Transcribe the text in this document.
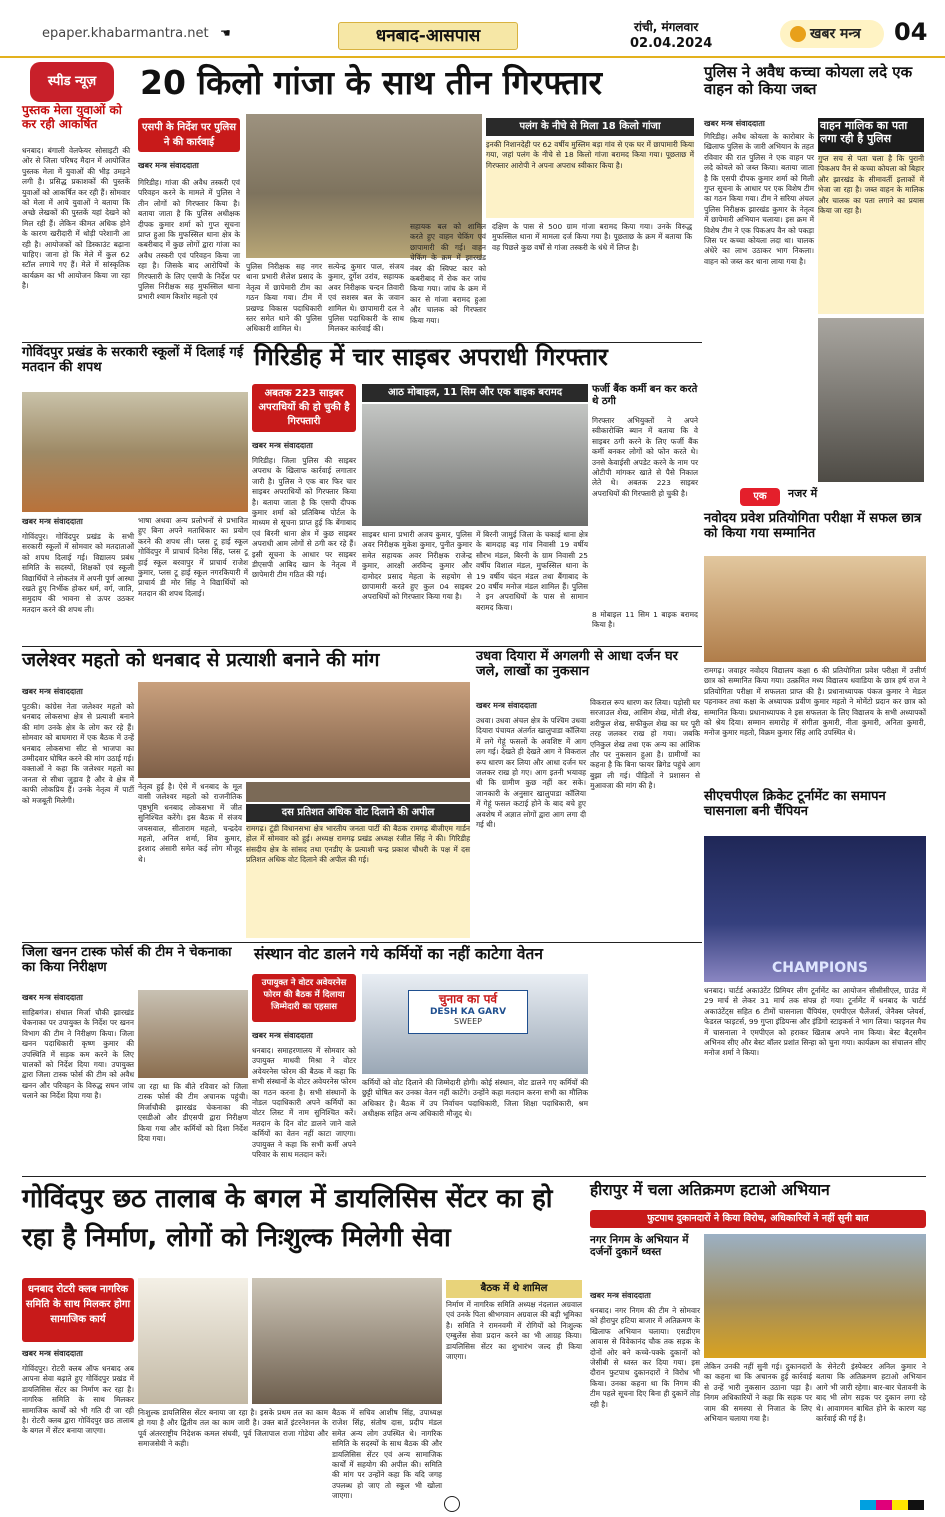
epaper.khabarmantra.net ☚	धनबाद-आसपास	रांची, मंगलवार
02.04.2024
खबर मन्त्र	04
स्पीड न्यूज़
पुस्तक मेला युवाओं को कर रही आकर्षित
धनबाद। बंगाली वेलफेयर सोसाइटी की ओर से जिला परिषद मैदान में आयोजित पुस्तक मेला में युवाओं की भीड़ उमड़ने लगी है। प्रसिद्ध प्रकाशकों की पुस्तकें युवाओं को आकर्षित कर रही हैं। सोमवार को मेला में आये युवाओं ने बताया कि अच्छे लेखकों की पुस्तकें यहां देखने को मिल रही हैं। लेकिन कीमत अधिक होने के कारण खरीदारी में थोड़ी परेशानी आ रही है। आयोजकों को डिस्काउंट बढ़ाना चाहिए। जाना हो कि मेले में कुल 62 स्टॉल लगाये गए हैं। मेले में सांस्कृतिक कार्यक्रम का भी आयोजन किया जा रहा है।
20 किलो गांजा के साथ तीन गिरफ्तार
एसपी के निर्देश पर पुलिस ने की कार्रवाई
खबर मन्त्र संवाददाता
गिरिडीह। गांजा की अवैध तस्करी एवं परिवहन करने के मामले में पुलिस ने तीन लोगों को गिरफ्तार किया है। बताया जाता है कि पुलिस अधीक्षक दीपक कुमार शर्मा को गुप्त सूचना प्राप्त हुआ कि मुफस्सिल थाना क्षेत्र के कबरीबाद में कुछ लोगों द्वारा गांजा का अवैध तस्करी एवं परिवहन किया जा रहा है। जिसके बाद आरोपियों के गिरफ्तारी के लिए एसपी के निर्देश पर पुलिस निरीक्षक सह मुफस्सिल थाना प्रभारी श्याम किशोर महतो एवं
पुलिस निरीक्षक सह नगर थाना प्रभारी शैलेश प्रसाद के नेतृत्व में छापेमारी टीम का गठन किया गया। टीम में प्रखण्ड विकास पदाधिकारी स्तर समेत थाने की पुलिस अधिकारी शामिल थे।
सत्येन्द्र कुमार पाल, संजय कुमार, दुर्गेश उरांव, सहायक अवर निरीक्षक चन्दन तिवारी एवं सशस्त्र बल के जवान शामिल थे। छापामारी दल ने पुलिस पदाधिकारी के साथ मिलकर कार्रवाई की।
सहायक बल को शामिल करते हुए वाहन चेकिंग एवं छापामारी की गई। वाहन चेकिंग के क्रम में झारखंड नंबर की स्विफ्ट कार को कबरीबाद में रोक कर जांच किया गया। जांच के क्रम में कार से गांजा बरामद हुआ और चालक को गिरफ्तार किया गया।
पलंग के नीचे से मिला 18 किलो गांजा
इनकी निशानदेही पर 62 वर्षीय मुस्लिम बड़ा गांव से एक घर में छापामारी किया गया, जहां पलंग के नीचे से 18 किलो गांजा बरामद किया गया। पूछताछ में गिरफ्तार आरोपी ने अपना अपराध स्वीकार किया है।
दक्षिण के पास से 500 ग्राम गांजा बरामद किया गया। उनके विरुद्ध मुफस्सिल थाना में मामला दर्ज किया गया है। पूछताछ के क्रम में बताया कि वह पिछले कुछ वर्षों से गांजा तस्करी के धंधे में लिप्त है।
पुलिस ने अवैध कच्चा कोयला लदे एक वाहन को किया जब्त
खबर मन्त्र संवाददाता
गिरिडीह। अवैध कोयला के कारोबार के खिलाफ पुलिस के जारी अभियान के तहत रविवार की रात पुलिस ने एक वाहन पर लदे कोयले को जब्त किया। बताया जाता है कि एसपी दीपक कुमार शर्मा को मिली गुप्त सूचना के आधार पर एक विशेष टीम का गठन किया गया। टीम ने सरिया अंचल पुलिस निरीक्षक झारखंड कुमार के नेतृत्व में छापेमारी अभियान चलाया। इस क्रम में विशेष टीम ने एक पिकअप वैन को पकड़ा जिस पर कच्चा कोयला लदा था। चालक अंधेरे का लाभ उठाकर भाग निकला। वाहन को जब्त कर थाना लाया गया है।
वाहन मालिक का पता लगा रही है पुलिस
गुप्त सच से पता चला है कि पुरानी पिकअप वैन से कच्चा कोयला को बिहार और झारखंड के सीमावर्ती इलाकों में भेजा जा रहा है। जब्त वाहन के मालिक और चालक का पता लगाने का प्रयास किया जा रहा है।
गोविंदपुर प्रखंड के सरकारी स्कूलों में दिलाई गई मतदान की शपथ
खबर मन्त्र संवाददाता
गोविंदपुर। गोविंदपुर प्रखंड के सभी सरकारी स्कूलों में सोमवार को मतदाताओं को शपथ दिलाई गई। विद्यालय प्रबंध समिति के सदस्यों, शिक्षकों एवं स्कूली विद्यार्थियों ने लोकतंत्र में अपनी पूर्ण आस्था रखते हुए निर्भीक होकर धर्म, वर्ग, जाति, समुदाय की भावना से ऊपर उठकर मतदान करने की शपथ ली।
भाषा अथवा अन्य प्रलोभनों से प्रभावित हुए बिना अपने मताधिकार का प्रयोग करने की शपथ ली। प्लस टू हाई स्कूल गोविंदपुर में प्राचार्य दिनेश सिंह, प्लस टू हाई स्कूल बरवापुर में प्राचार्य राजेश कुमार, प्लस टू हाई स्कूल नगरकियारी में प्राचार्य डी मोर सिंह ने विद्यार्थियों को मतदान की शपथ दिलाई।
गिरिडीह में चार साइबर अपराधी गिरफ्तार
अबतक 223 साइबर अपराधियों की हो चुकी है गिरफ्तारी
खबर मन्त्र संवाददाता
गिरिडीह। जिला पुलिस की साइबर अपराध के खिलाफ कार्रवाई लगातार जारी है। पुलिस ने एक बार फिर चार साइबर अपराधियों को गिरफ्तार किया है। बताया जाता है कि एसपी दीपक कुमार शर्मा को प्रतिबिम्ब पोर्टल के माध्यम से सूचना प्राप्त हुई कि बेंगाबाद एवं बिरनी थाना क्षेत्र में कुछ साइबर अपराधी आम लोगों से ठगी कर रहे हैं। इसी सूचना के आधार पर साइबर डीएसपी आबिद खान के नेतृत्व में छापेमारी टीम गठित की गई।
आठ मोबाइल, 11 सिम और एक बाइक बरामद
साइबर थाना प्रभारी अजय कुमार, पुलिस अवर निरीक्षक मुकेश कुमार, पुनीत कुमार समेत सहायक अवर निरीक्षक राजेन्द्र कुमार, आरक्षी अरविन्द कुमार और दामोदर प्रसाद मेहता के सहयोग से छापामारी करते हुए कुल 04 साइबर अपराधियों को गिरफ्तार किया गया है।
में बिरनी जामुई जिला के चकाई थाना क्षेत्र के बामदाह बड़ गांव निवासी 19 वर्षीय सौरभ मंडल, बिरनी के ग्राम निवासी 25 वर्षीय विशाल मंडल, मुफस्सिल थाना के 19 वर्षीय चंदन मंडल तथा बैंगाबाद के 20 वर्षीय मनोज मंडल शामिल हैं। पुलिस ने इन अपराधियों के पास से सामान बरामद किया।
फर्जी बैंक कर्मी बन कर करते थे ठगी
गिरफ्तार अभियुक्तों ने अपने स्वीकारोक्ति ब्यान में बताया कि वे साइबर ठगी करने के लिए फर्जी बैंक कर्मी बनकर लोगों को फोन करते थे। उनसे केवाईसी अपडेट करने के नाम पर ओटीपी मांगकर खाते से पैसे निकाल लेते थे। अबतक 223 साइबर अपराधियों की गिरफ्तारी हो चुकी है।
8 मोबाइल 11 सिम 1 बाइक बरामद किया है।
एक	नजर में
नवोदय प्रवेश प्रतियोगिता परीक्षा में सफल छात्र को किया गया सम्मानित
रामगढ़। जवाहर नवोदय विद्यालय कक्षा 6 की प्रतियोगिता प्रवेश परीक्षा में उत्तीर्ण छात्र को सम्मानित किया गया। उत्क्रमित मध्य विद्यालय धवाडिया के छात्र हर्ष राज ने प्रतियोगिता परीक्षा में सफलता प्राप्त की है। प्रधानाध्यापक पंकज कुमार ने मेडल पहनाकर तथा कक्षा के अध्यापक प्रवीण कुमार महतो ने मोमेंटो प्रदान कर छात्र को सम्मानित किया। प्रधानाध्यापक ने इस सफलता के लिए विद्यालय के सभी अध्यापकों को श्रेय दिया। सम्मान समारोह में संगीता कुमारी, नीता कुमारी, अनिता कुमारी, मनोज कुमार महतो, विक्रम कुमार सिंह आदि उपस्थित थे।
सीएचपीएल क्रिकेट टूर्नामेंट का समापन चासनाला बनी चैंपियन
CHAMPIONS
धनबाद। चार्टर्ड अकाउंटेंट प्रिमियर लीग टूर्नामेंट का आयोजन सीसीसीएल, ग्राउंड में 29 मार्च से लेकर 31 मार्च तक संपन्न हो गया। टूर्नामेंट में धनबाद के चार्टर्ड अकाउंटेंट्स सहित 6 टीमों चासनाला चैंपियंस, एमपीएल चैलेंजर्स, जेनैक्स प्लेयर्स, फेडरल फाइटर्स, 99 गुप्ता इंडियन्स और इंडिगो स्टाइकर्स ने भाग लिया। फाइनल मैच में चासनाला ने एमपीएल को हराकर खिताब अपने नाम किया। बेस्ट बैट्समैन अभिनव सीए और बेस्ट बॉलर प्रशांत सिन्हा को चुना गया। कार्यक्रम का संचालन सीए मनोज शर्मा ने किया।
जलेश्वर महतो को धनबाद से प्रत्याशी बनाने की मांग
खबर मन्त्र संवाददाता
पुटकी। कांग्रेस नेता जलेश्वर महतो को धनबाद लोकसभा क्षेत्र से प्रत्याशी बनाने की मांग उनके क्षेत्र के लोग कर रहे हैं। सोमवार को बाघमारा में एक बैठक में उन्हें धनबाद लोकसभा सीट से भाजपा का उम्मीदवार घोषित करने की मांग उठाई गई। वक्ताओं ने कहा कि जलेश्वर महतो का जनता से सीधा जुड़ाव है और वे क्षेत्र में काफी लोकप्रिय हैं। उनके नेतृत्व में पार्टी को मजबूती मिलेगी।
नेतृत्व हुई है। ऐसे में धनबाद के मूल वासी जलेश्वर महतो को राजनीतिक पृष्ठभूमि धनबाद लोकसभा में जीत सुनिश्चित करेंगे। इस बैठक में संजय जयसवाल, सीताराम महतो, चन्द्रदेव महतो, अनिल शर्मा, शिव कुमार, इरशाद अंसारी समेत कई लोग मौजूद थे।
दस प्रतिशत अधिक वोट दिलाने की अपील
रामगढ़। टूंडी विधानसभा क्षेत्र भारतीय जनता पार्टी की बैठक रामगढ़ बीजीएम गार्डन होल में सोमवार को हुई। अध्यक्ष रामगढ़ प्रखंड अध्यक्ष रंजीत सिंह ने की। गिरिडीह संसदीय क्षेत्र के सांसद तथा एनडीए के प्रत्याशी चन्द्र प्रकाश चौधरी के पक्ष में दस प्रतिशत अधिक वोट दिलाने की अपील की गई।
उधवा दियारा में अगलगी से आधा दर्जन घर जले, लाखों का नुकसान
खबर मन्त्र संवाददाता
उधवा। उधवा अंचल क्षेत्र के पश्चिम उधवा दियारा पंचायत अंतर्गत खालुपाडा कॉलिया में लगे गेहूं फसलों के अवशिष्ट में आग लग गई। देखते ही देखते आग ने विकराल रूप धारण कर लिया और आधा दर्जन घर जलकर राख हो गए। आग इतनी भयावह थी कि ग्रामीण कुछ नहीं कर सके। जानकारी के अनुसार खालुपाडा कॉलिया में गेहूं फसल कटाई होने के बाद बचे हुए अवशेष में अज्ञात लोगों द्वारा आग लगा दी गई थी।
विकराल रूप धारण कर लिया। पड़ोसी घर सरजाउल शेख, आसिम शेख, मोती शेख, शरीफुल शेख, सफीकुल शेख का घर पूरी तरह जलकर राख हो गया। जबकि एनिकुल शेख तथा एक अन्य का आंशिक तौर पर नुकसान हुआ है। ग्रामीणों का कहना है कि बिना फायर ब्रिगेड पहुंचे आग बुझा ली गई। पीड़ितों ने प्रशासन से मुआवजा की मांग की है।
जिला खनन टास्क फोर्स की टीम ने चेकनाका का किया निरीक्षण
खबर मन्त्र संवाददाता
साहिबगंज। संथाल मिर्जा चौकी झारखंड चेकनाका पर उपायुक्त के निर्देश पर खनन विभाग की टीम ने निरीक्षण किया। जिला खनन पदाधिकारी कृष्ण कुमार की उपस्थिति में सड़क कम करने के लिए चालकों को निर्देश दिया गया। उपायुक्त द्वारा जिला टास्क फोर्स की टीम को अवैध खनन और परिवहन के विरुद्ध सघन जांच चलाने का निर्देश दिया गया है।
जा रहा था कि बीते रविवार को जिला टास्क फोर्स की टीम अचानक पहुंची। मिर्जाचौकी झारखंड चेकनाका की एसडीओ और डीएसपी द्वारा निरीक्षण किया गया और कर्मियों को दिशा निर्देश दिया गया।
संस्थान वोट डालने गये कर्मियों का नहीं काटेगा वेतन
उपायुक्त ने वोटर अवेयरनेस फोरम की बैठक में दिलाया जिम्मेदारी का एहसास
खबर मन्त्र संवाददाता
धनबाद। समाहरणालय में सोमवार को उपायुक्त माधवी मिश्रा ने वोटर अवेयरनेस फोरम की बैठक में कहा कि सभी संस्थानों के वोटर अवेयरनेस फोरम का गठन करना है। सभी संस्थानों के नोडल पदाधिकारी अपने कर्मियों का वोटर लिस्ट में नाम सुनिश्चित करें। मतदान के दिन वोट डालने जाने वाले कर्मियों का वेतन नहीं काटा जाएगा। उपायुक्त ने कहा कि सभी कर्मी अपने परिवार के साथ मतदान करें।
चुनाव का पर्व
DESH KA GARV
SWEEP
कर्मियों को वोट दिलाने की जिम्मेदारी होगी। कोई संस्थान, वोट डालने गए कर्मियों की छुट्टी घोषित कर उनका वेतन नहीं काटेंगे। उन्होंने कहा मतदान करना सभी का मौलिक अधिकार है। बैठक में उप निर्वाचन पदाधिकारी, जिला शिक्षा पदाधिकारी, श्रम अधीक्षक सहित अन्य अधिकारी मौजूद थे।
गोविंदपुर छठ तालाब के बगल में डायलिसिस सेंटर का हो रहा है निर्माण, लोगों को निःशुल्क मिलेगी सेवा
धनबाद रोटरी क्लब नागरिक समिति के साथ मिलकर होगा सामाजिक कार्य
खबर मन्त्र संवाददाता
गोविंदपुर। रोटरी क्लब ऑफ धनबाद अब आपना सेवा बढ़ाते हुए गोविंदपुर प्रखंड में डायलिसिस सेंटर का निर्माण कर रहा है। नागरिक समिति के साथ मिलकर सामाजिक कार्यों को भी गति दी जा रही है। रोटरी क्लब द्वारा गोविंदपुर छठ तालाब के बगल में सेंटर बनाया जाएगा।
निःशुल्क डायलिसिस सेंटर बनाया जा रहा है। इसके प्रथम तल का काम हो गया है और द्वितीय तल का काम जारी है। उक्त बातें इंटरनेशनल के पूर्व अंतरराष्ट्रीय निदेशक कमल संघवी, पूर्व जिलापाल राजा गोडेया और समाजसेवी ने कही।
बैठक में थे शामिल
बैठक में सचिव आशीष सिंह, उपाध्यक्ष राजेश सिंह, संतोष दास, प्रदीप मंडल समेत अन्य लोग उपस्थित थे। नागरिक समिति के सदस्यों के साथ बैठक की और डायलिसिस सेंटर एवं अन्य सामाजिक कार्यों में सहयोग की अपील की। समिति की मांग पर उन्होंने कहा कि यदि जगह उपलब्ध हो जाए तो स्कूल भी खोला जाएगा।
निर्माण में नागरिक समिति अध्यक्ष नंदलाल अग्रवाल एवं उनके पिता श्रीभगवान अग्रवाल की बड़ी भूमिका है। समिति ने रामनवमी में रोगियों को निःशुल्क एम्बुलेंस सेवा प्रदान करने का भी आग्रह किया। डायलिसिस सेंटर का शुभारंभ जल्द ही किया जाएगा।
हीरापुर में चला अतिक्रमण हटाओ अभियान
फुटपाथ दुकानदारों ने किया विरोध, अधिकारियों ने नहीं सुनी बात
नगर निगम के अभियान में दर्जनों दुकानें ध्वस्त
खबर मन्त्र संवाददाता
धनबाद। नगर निगम की टीम ने सोमवार को हीरापुर हटिया बाजार में अतिक्रमण के खिलाफ अभियान चलाया। एसडीएम आवास से विवेकानंद चौक तक सड़क के दोनों ओर बने कच्चे-पक्के दुकानों को जेसीबी से ध्वस्त कर दिया गया। इस दौरान फुटपाथ दुकानदारों ने विरोध भी किया। उनका कहना था कि निगम की टीम पहले सूचना दिए बिना ही दुकानें तोड़ रही है।
लेकिन उनकी नहीं सुनी गई। दुकानदारों का कहना था कि अचानक हुई कार्रवाई से उन्हें भारी नुकसान उठाना पड़ा है। निगम अधिकारियों ने कहा कि सड़क पर जाम की समस्या से निजात के लिए अभियान चलाया गया है।
के सेनेटरी इंस्पेक्टर अनिल कुमार ने बताया कि अतिक्रमण हटाओ अभियान आगे भी जारी रहेगा। बार-बार चेतावनी के बाद भी लोग सड़क पर दुकान लगा रहे थे। आवागमन बाधित होने के कारण यह कार्रवाई की गई है।
